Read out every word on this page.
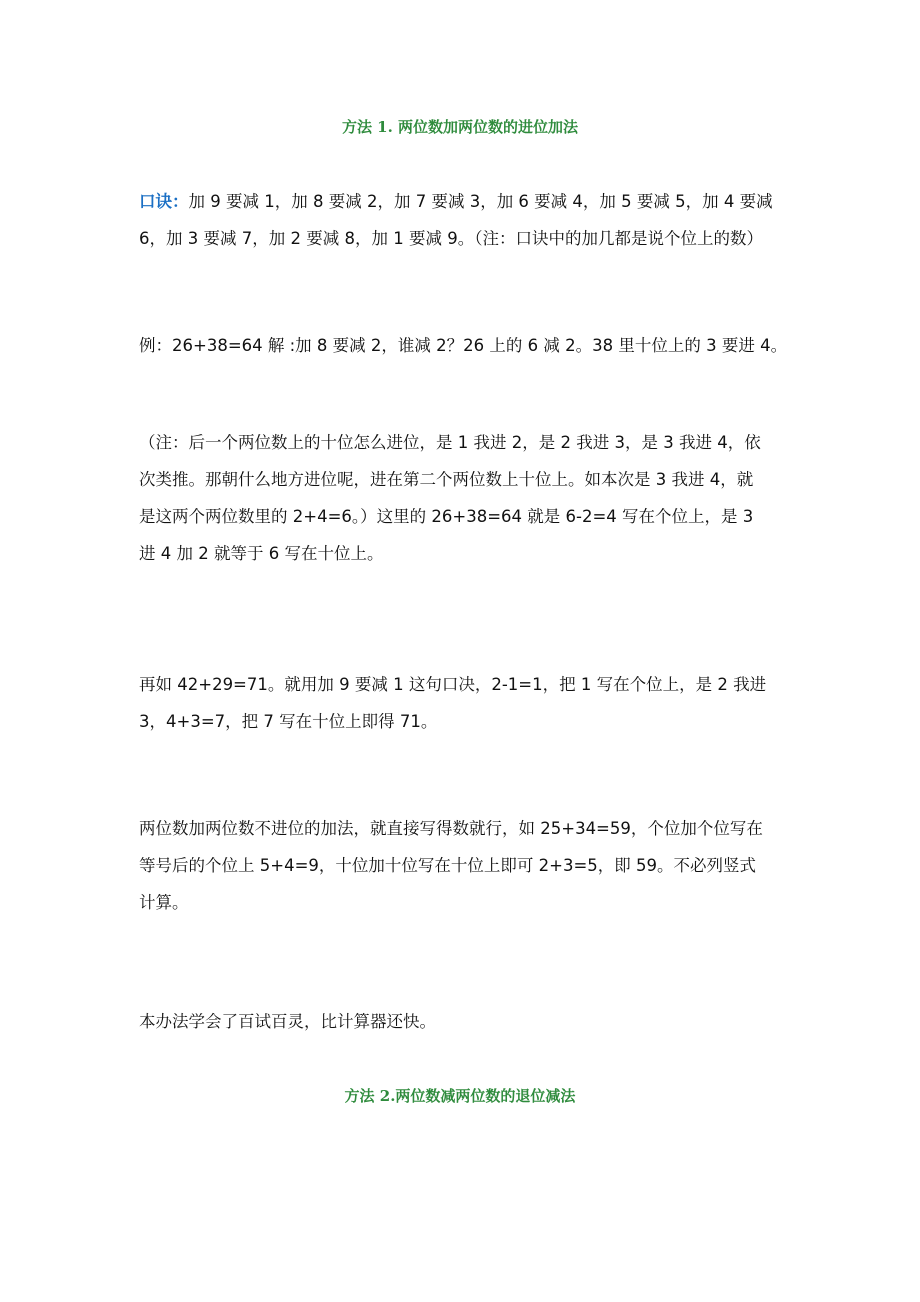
方法 1. 两位数加两位数的进位加法
口诀：加 9 要减 1，加 8 要减 2，加 7 要减 3，加 6 要减 4，加 5 要减 5，加 4 要减
6，加 3 要减 7，加 2 要减 8，加 1 要减 9。（注：口诀中的加几都是说个位上的数）
例：26+38=64 解 :加 8 要减 2，谁减 2？26 上的 6 减 2。38 里十位上的 3 要进 4。
（注：后一个两位数上的十位怎么进位，是 1 我进 2，是 2 我进 3，是 3 我进 4，依
次类推。那朝什么地方进位呢，进在第二个两位数上十位上。如本次是 3 我进 4，就
是这两个两位数里的 2+4=6。）这里的 26+38=64 就是 6-2=4 写在个位上，是 3
进 4 加 2 就等于 6 写在十位上。
再如 42+29=71。就用加 9 要减 1 这句口决，2-1=1，把 1 写在个位上，是 2 我进
3，4+3=7，把 7 写在十位上即得 71。
两位数加两位数不进位的加法，就直接写得数就行，如 25+34=59，个位加个位写在
等号后的个位上 5+4=9，十位加十位写在十位上即可 2+3=5，即 59。不必列竖式
计算。
本办法学会了百试百灵，比计算器还快。
方法 2.两位数减两位数的退位减法
